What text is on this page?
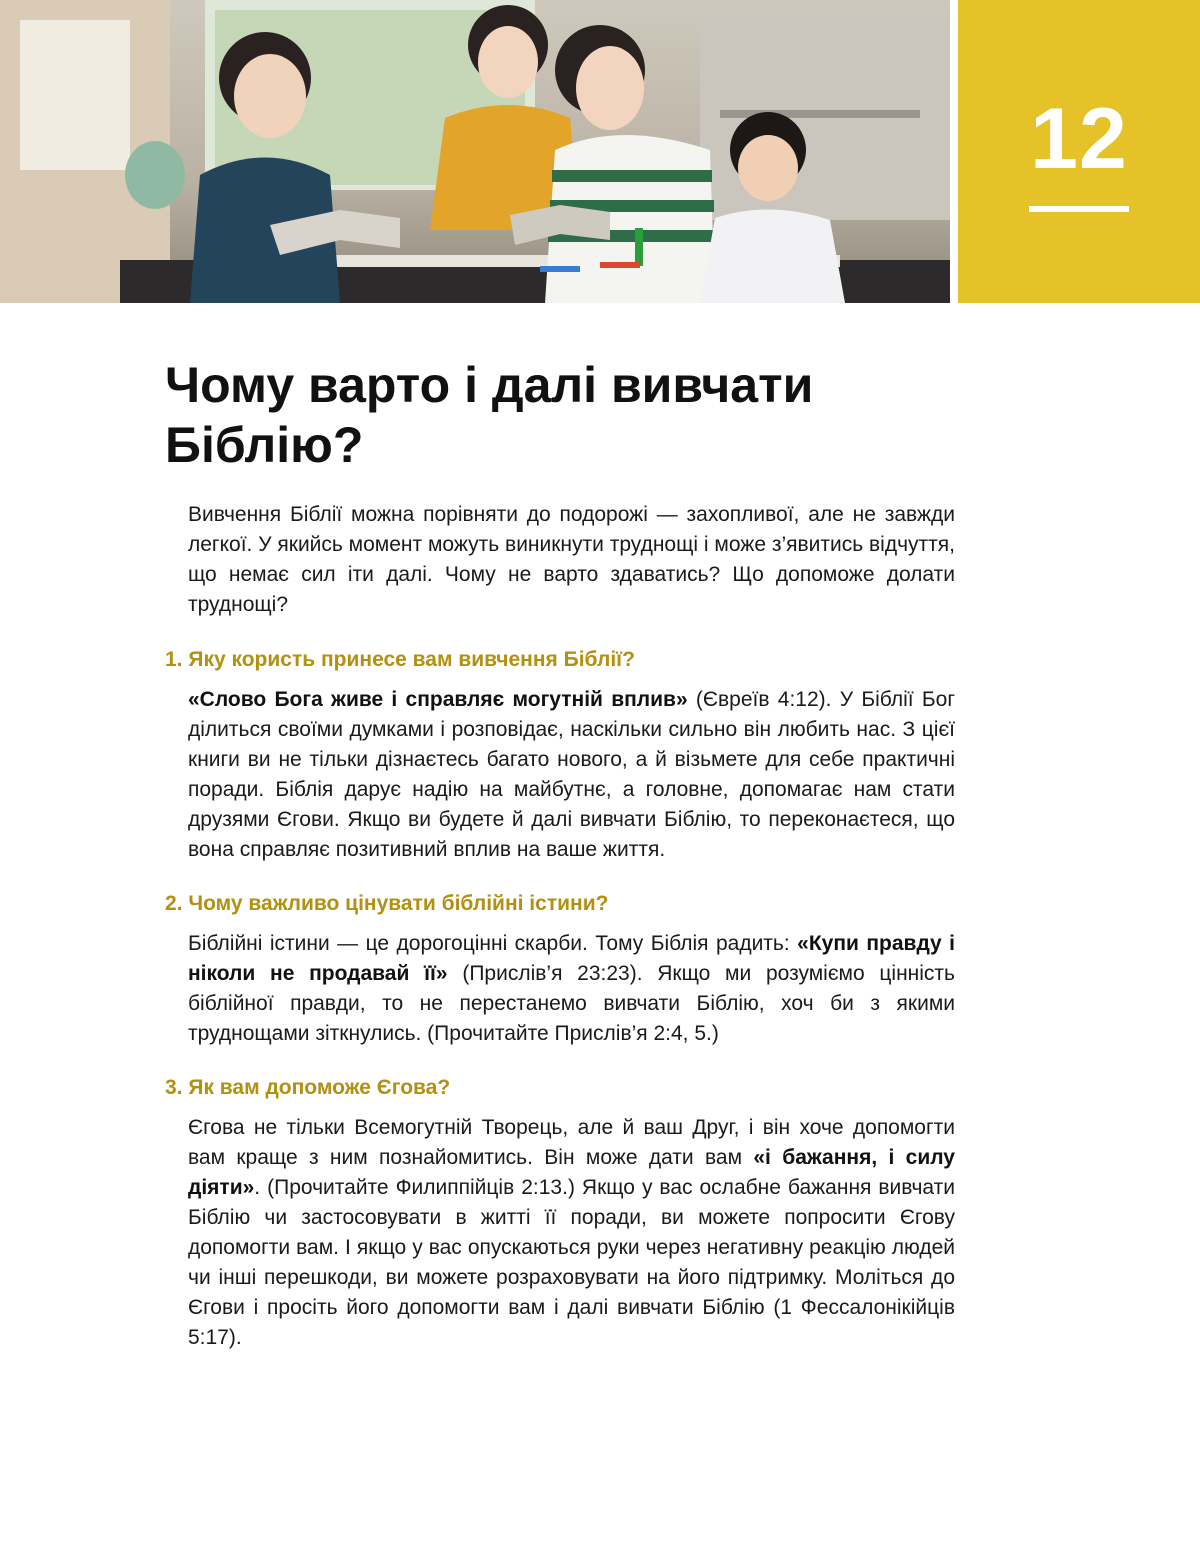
12
Чому варто і далі вивчати Біблію?

Вивчення Біблії можна порівняти до подорожі — захопливої, але не завжди легкої. У якийсь момент можуть виникнути труднощі і може з’явитись відчуття, що немає сил іти далі. Чому не варто здаватись? Що допоможе долати труднощі?

1. Яку користь принесе вам вивчення Біблії?

«Слово Бога живе і справляє могутній вплив» (Євреїв 4:12). У Біблії Бог ділиться своїми думками і розповідає, наскільки сильно він любить нас. З цієї книги ви не тільки дізнаєтесь багато нового, а й візьмете для себе практичні поради. Біблія дарує надію на майбутнє, а головне, допомагає нам стати друзями Єгови. Якщо ви будете й далі вивчати Біблію, то переконаєтеся, що вона справляє позитивний вплив на ваше життя.

2. Чому важливо цінувати біблійні істини?

Біблійні істини — це дорогоцінні скарби. Тому Біблія радить: «Купи правду і ніколи не продавай її» (Прислів’я 23:23). Якщо ми розуміємо цінність біблійної правди, то не перестанемо вивчати Біблію, хоч би з якими труднощами зіткнулись. (Прочитайте Прислів’я 2:4, 5.)

3. Як вам допоможе Єгова?

Єгова не тільки Всемогутній Творець, але й ваш Друг, і він хоче допомогти вам краще з ним познайомитись. Він може дати вам «і бажання, і силу діяти». (Прочитайте Филиппійців 2:13.) Якщо у вас ослабне бажання вивчати Біблію чи застосовувати в житті її поради, ви можете попросити Єгову допомогти вам. І якщо у вас опускаються руки через негативну реакцію людей чи інші перешкоди, ви можете розраховувати на його підтримку. Моліться до Єгови і просіть його допомогти вам і далі вивчати Біблію (1 Фессалонікійців 5:17).
